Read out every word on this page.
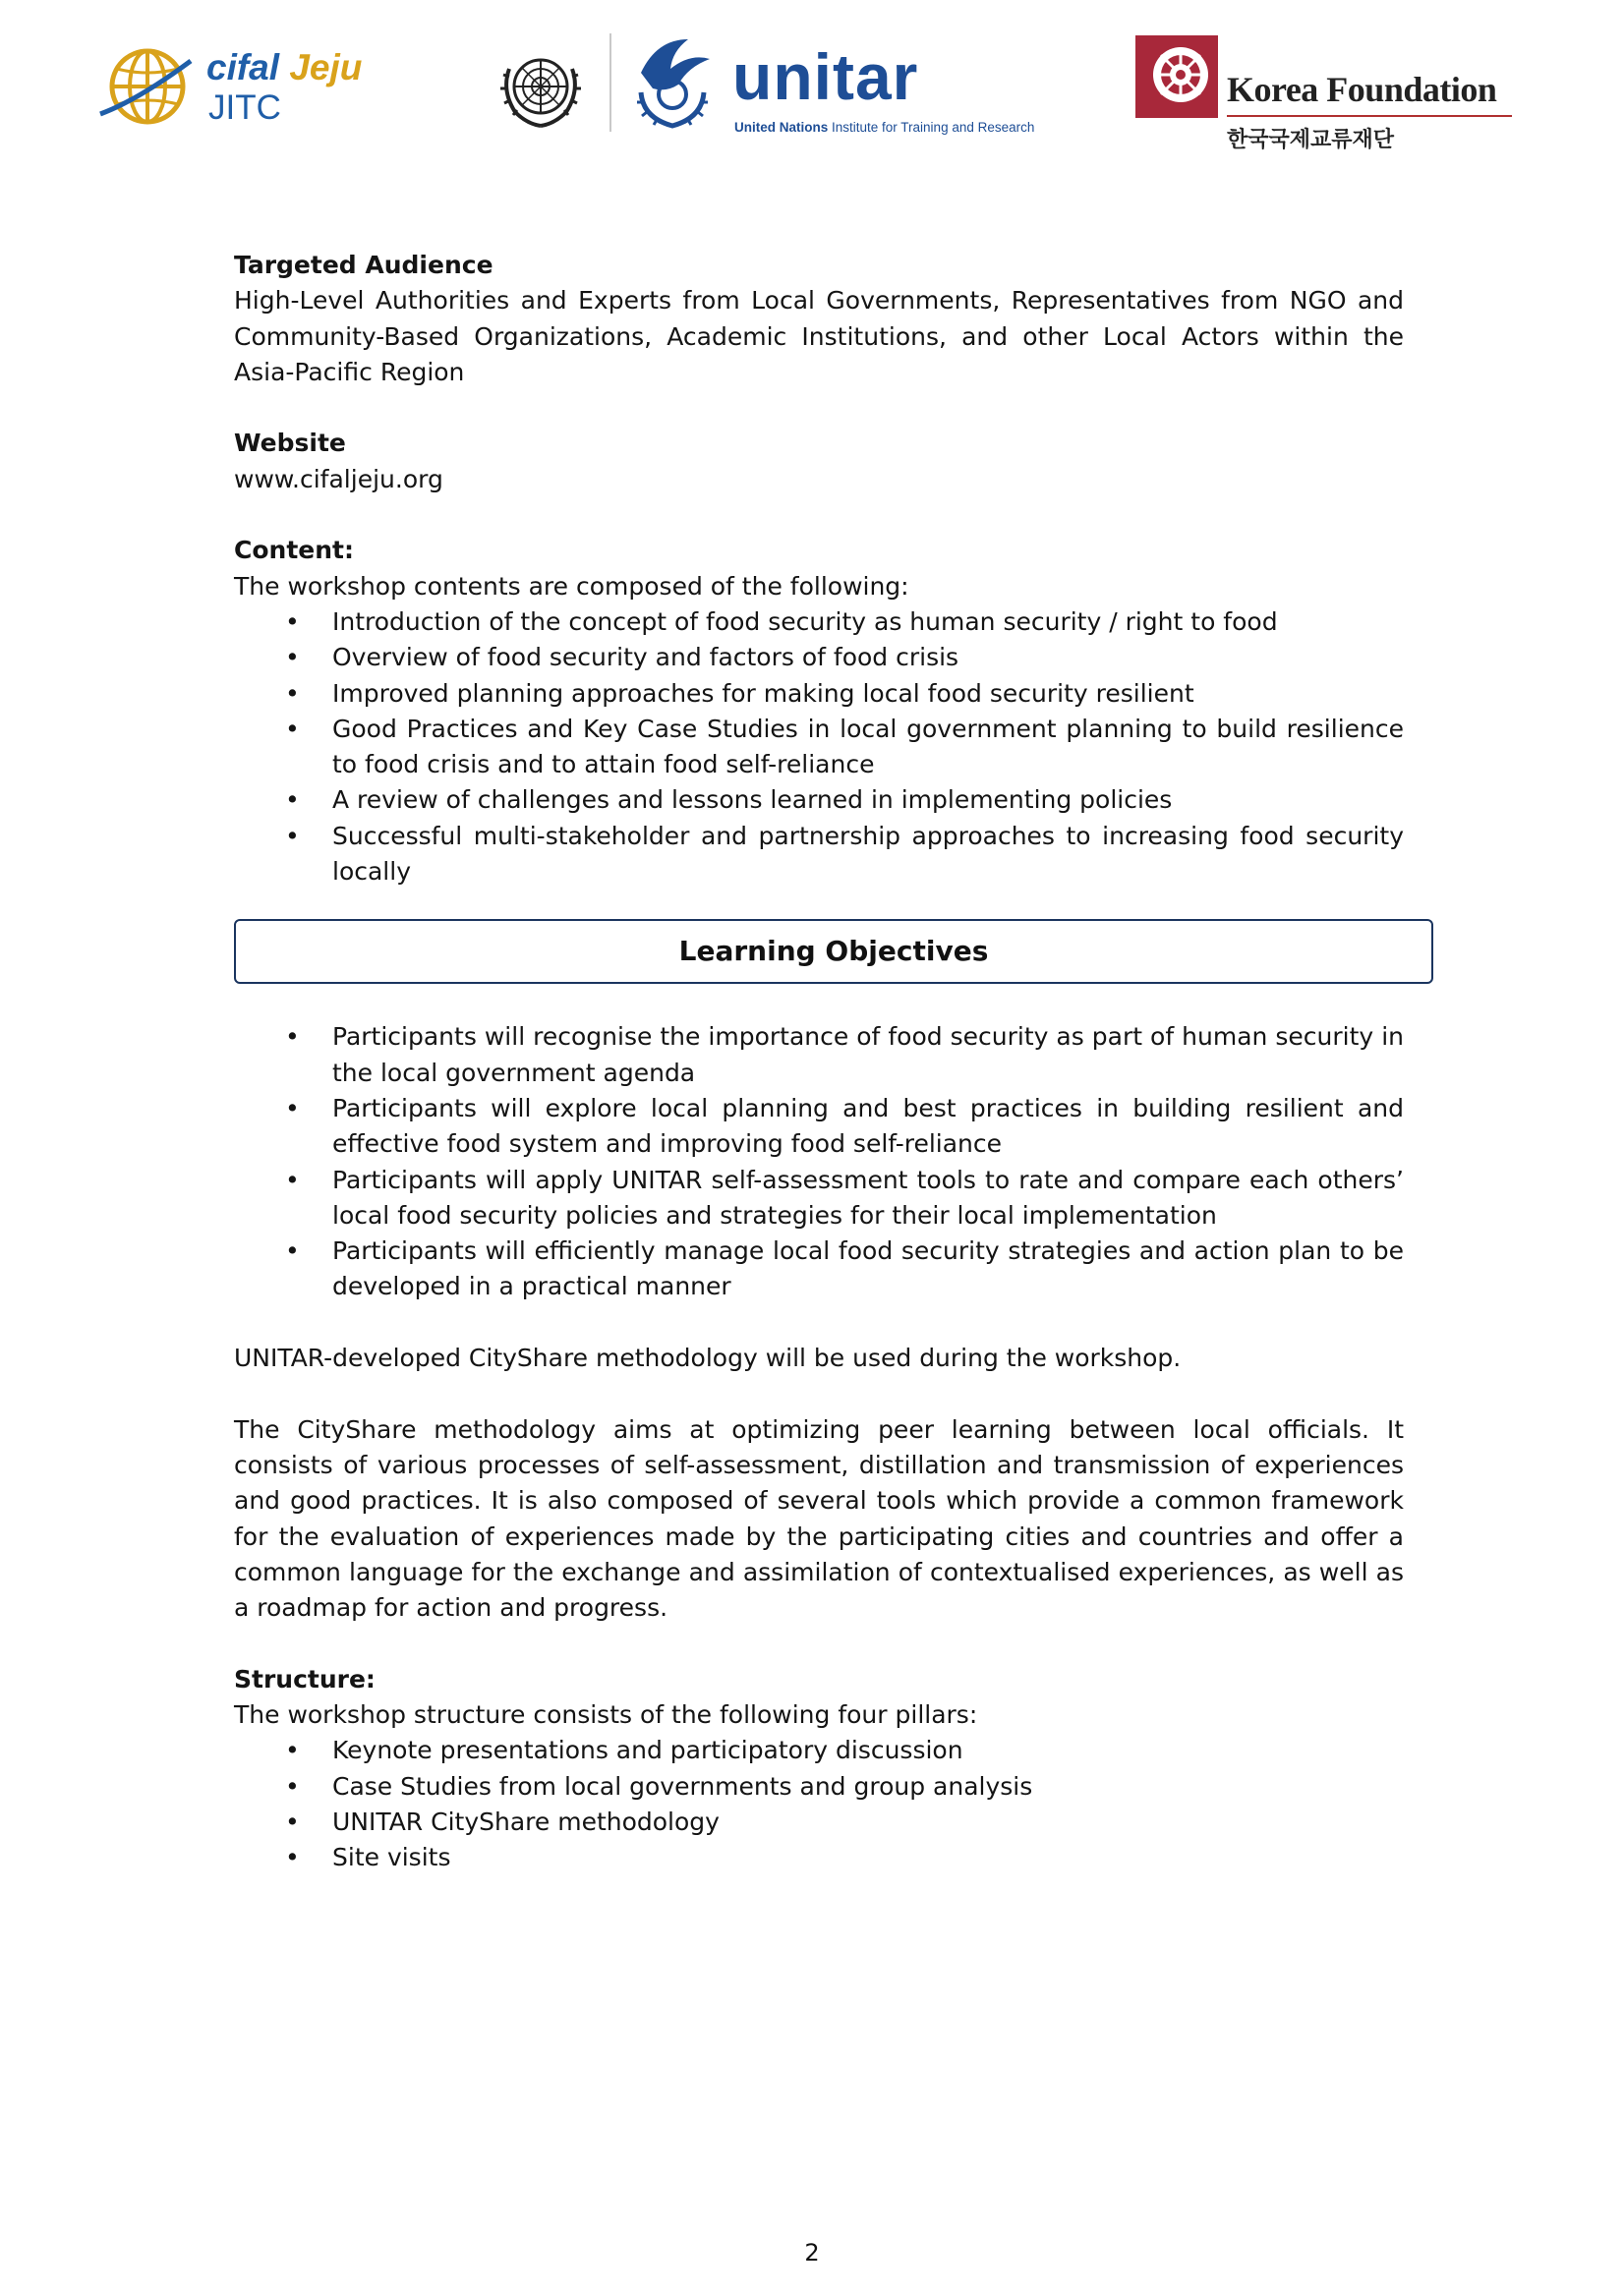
cifal Jeju
JITC	unitar
United Nations Institute for Training and Research
Korea Foundation
한국국제교류재단

Targeted Audience

High-Level Authorities and Experts from Local Governments, Representatives from NGO and Community-Based Organizations, Academic Institutions, and other Local Actors within the Asia-Pacific Region

Website

www.cifaljeju.org

Content:

The workshop contents are composed of the following:

• Introduction of the concept of food security as human security / right to food
• Overview of food security and factors of food crisis
• Improved planning approaches for making local food security resilient
• Good Practices and Key Case Studies in local government planning to build resilience to food crisis and to attain food self-reliance
• A review of challenges and lessons learned in implementing policies
• Successful multi-stakeholder and partnership approaches to increasing food security locally
Learning Objectives
• Participants will recognise the importance of food security as part of human security in the local government agenda
• Participants will explore local planning and best practices in building resilient and effective food system and improving food self-reliance
• Participants will apply UNITAR self-assessment tools to rate and compare each others’ local food security policies and strategies for their local implementation
• Participants will efficiently manage local food security strategies and action plan to be developed in a practical manner

UNITAR-developed CityShare methodology will be used during the workshop.

The CityShare methodology aims at optimizing peer learning between local officials. It consists of various processes of self-assessment, distillation and transmission of experiences and good practices. It is also composed of several tools which provide a common framework for the evaluation of experiences made by the participating cities and countries and offer a common language for the exchange and assimilation of contextualised experiences, as well as a roadmap for action and progress.

Structure:

The workshop structure consists of the following four pillars:

• Keynote presentations and participatory discussion
• Case Studies from local governments and group analysis
• UNITAR CityShare methodology
• Site visits
2
